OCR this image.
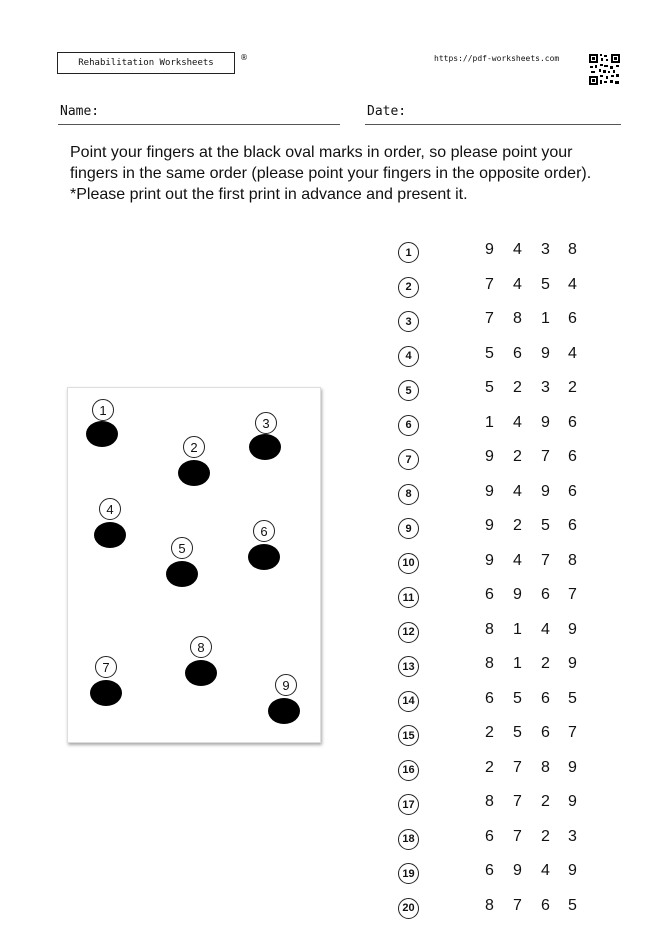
Rehabilitation Worksheets
®	https://pdf-worksheets.com
Name:	Date:
Point your fingers at the black oval marks in order, so please point your fingers in the same order (please point your fingers in the opposite order). *Please print out the first print in advance and present it.
1
2
3
4
5
6
7
8
9
1	9 4 3 8
2	7 4 5 4
3	7 8 1 6
4	5 6 9 4
5	5 2 3 2
6	1 4 9 6
7	9 2 7 6
8	9 4 9 6
9	9 2 5 6
10	9 4 7 8
11	6 9 6 7
12	8 1 4 9
13	8 1 2 9
14	6 5 6 5
15	2 5 6 7
16	2 7 8 9
17	8 7 2 9
18	6 7 2 3
19	6 9 4 9
20	8 7 6 5
